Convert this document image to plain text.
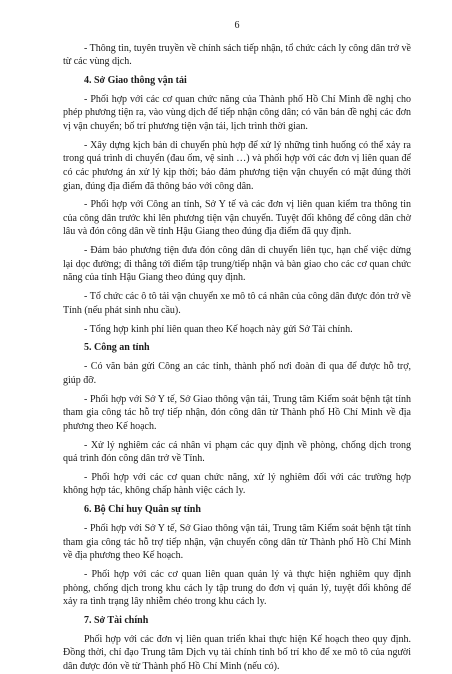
6

- Thông tin, tuyên truyền về chính sách tiếp nhận, tổ chức cách ly công dân trở về từ các vùng dịch.

4. Sở Giao thông vận tải

- Phối hợp với các cơ quan chức năng của Thành phố Hồ Chí Minh đề nghị cho phép phương tiện ra, vào vùng dịch để tiếp nhận công dân; có văn bản đề nghị các đơn vị vận chuyển; bố trí phương tiện vận tải, lịch trình thời gian.

- Xây dựng kịch bản di chuyển phù hợp để xử lý những tình huống có thể xảy ra trong quá trình di chuyển (đau ốm, vệ sinh …) và phối hợp với các đơn vị liên quan để có các phương án xử lý kịp thời; bảo đảm phương tiện vận chuyển có mặt đúng thời gian, đúng địa điểm đã thông báo với công dân.

- Phối hợp với Công an tỉnh, Sở Y tế và các đơn vị liên quan kiểm tra thông tin của công dân trước khi lên phương tiện vận chuyển. Tuyệt đối không để công dân chờ lâu và đón công dân về tỉnh Hậu Giang theo đúng địa điểm đã quy định.

- Đảm bảo phương tiện đưa đón công dân di chuyển liên tục, hạn chế việc dừng lại dọc đường; đi thẳng tới điểm tập trung/tiếp nhận và bàn giao cho các cơ quan chức năng của tỉnh Hậu Giang theo đúng quy định.

- Tổ chức các ô tô tải vận chuyển xe mô tô cá nhân của công dân được đón trở về Tỉnh (nếu phát sinh nhu cầu).

- Tổng hợp kinh phí liên quan theo Kế hoạch này gửi Sở Tài chính.

5. Công an tỉnh

- Có văn bản gửi Công an các tỉnh, thành phố nơi đoàn đi qua để được hỗ trợ, giúp đỡ.

- Phối hợp với Sở Y tế, Sở Giao thông vận tải, Trung tâm Kiểm soát bệnh tật tỉnh tham gia công tác hỗ trợ tiếp nhận, đón công dân từ Thành phố Hồ Chí Minh về địa phương theo Kế hoạch.

- Xử lý nghiêm các cá nhân vi phạm các quy định về phòng, chống dịch trong quá trình đón công dân trở về Tỉnh.

- Phối hợp với các cơ quan chức năng, xử lý nghiêm đối với các trường hợp không hợp tác, không chấp hành việc cách ly.

6. Bộ Chỉ huy Quân sự tỉnh

- Phối hợp với Sở Y tế, Sở Giao thông vận tải, Trung tâm Kiểm soát bệnh tật tỉnh tham gia công tác hỗ trợ tiếp nhận, vận chuyển công dân từ Thành phố Hồ Chí Minh về địa phương theo Kế hoạch.

- Phối hợp với các cơ quan liên quan quản lý và thực hiện nghiêm quy định phòng, chống dịch trong khu cách ly tập trung do đơn vị quản lý, tuyệt đối không để xảy ra tình trạng lây nhiễm chéo trong khu cách ly.

7. Sở Tài chính

Phối hợp với các đơn vị liên quan triển khai thực hiện Kế hoạch theo quy định. Đồng thời, chỉ đạo Trung tâm Dịch vụ tài chính tỉnh bố trí kho để xe mô tô của người dân được đón về từ Thành phố Hồ Chí Minh (nếu có).
